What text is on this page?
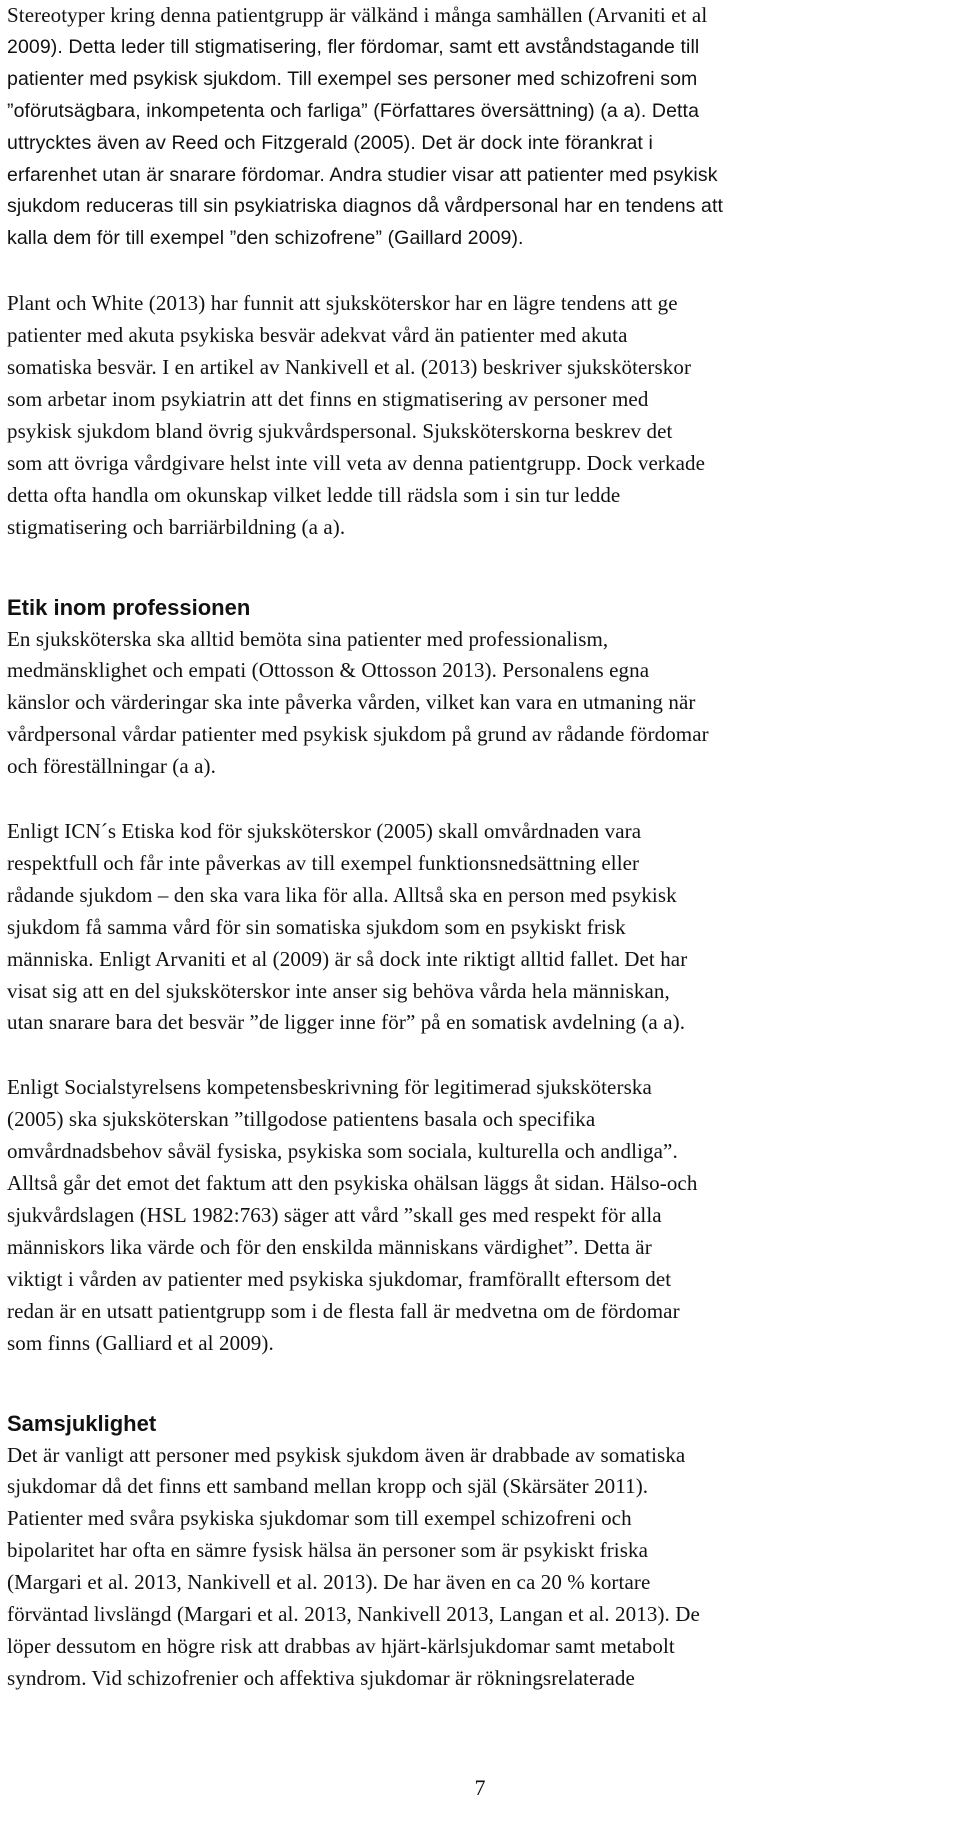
Stereotyper kring denna patientgrupp är välkänd i många samhällen (Arvaniti et al
2009). Detta leder till stigmatisering, fler fördomar, samt ett avståndstagande till
patienter med psykisk sjukdom. Till exempel ses personer med schizofreni som
”oförutsägbara, inkompetenta och farliga” (Författares översättning) (a a). Detta
uttrycktes även av Reed och Fitzgerald (2005). Det är dock inte förankrat i
erfarenhet utan är snarare fördomar. Andra studier visar att patienter med psykisk
sjukdom reduceras till sin psykiatriska diagnos då vårdpersonal har en tendens att
kalla dem för till exempel ”den schizofrene” (Gaillard 2009).

Plant och White (2013) har funnit att sjuksköterskor har en lägre tendens att ge
patienter med akuta psykiska besvär adekvat vård än patienter med akuta
somatiska besvär. I en artikel av Nankivell et al. (2013) beskriver sjuksköterskor
som arbetar inom psykiatrin att det finns en stigmatisering av personer med
psykisk sjukdom bland övrig sjukvårdspersonal. Sjuksköterskorna beskrev det
som att övriga vårdgivare helst inte vill veta av denna patientgrupp. Dock verkade
detta ofta handla om okunskap vilket ledde till rädsla som i sin tur ledde
stigmatisering och barriärbildning (a a).

Etik inom professionen

En sjuksköterska ska alltid bemöta sina patienter med professionalism,
medmänsklighet och empati (Ottosson & Ottosson 2013). Personalens egna
känslor och värderingar ska inte påverka vården, vilket kan vara en utmaning när
vårdpersonal vårdar patienter med psykisk sjukdom på grund av rådande fördomar
och föreställningar (a a).

Enligt ICN´s Etiska kod för sjuksköterskor (2005) skall omvårdnaden vara
respektfull och får inte påverkas av till exempel funktionsnedsättning eller
rådande sjukdom – den ska vara lika för alla. Alltså ska en person med psykisk
sjukdom få samma vård för sin somatiska sjukdom som en psykiskt frisk
människa. Enligt Arvaniti et al (2009) är så dock inte riktigt alltid fallet. Det har
visat sig att en del sjuksköterskor inte anser sig behöva vårda hela människan,
utan snarare bara det besvär ”de ligger inne för” på en somatisk avdelning (a a).

Enligt Socialstyrelsens kompetensbeskrivning för legitimerad sjuksköterska
(2005) ska sjuksköterskan ”tillgodose patientens basala och specifika
omvårdnadsbehov såväl fysiska, psykiska som sociala, kulturella och andliga”.
Alltså går det emot det faktum att den psykiska ohälsan läggs åt sidan. Hälso-och
sjukvårdslagen (HSL 1982:763) säger att vård ”skall ges med respekt för alla
människors lika värde och för den enskilda människans värdighet”. Detta är
viktigt i vården av patienter med psykiska sjukdomar, framförallt eftersom det
redan är en utsatt patientgrupp som i de flesta fall är medvetna om de fördomar
som finns (Galliard et al 2009).

Samsjuklighet

Det är vanligt att personer med psykisk sjukdom även är drabbade av somatiska
sjukdomar då det finns ett samband mellan kropp och själ (Skärsäter 2011).
Patienter med svåra psykiska sjukdomar som till exempel schizofreni och
bipolaritet har ofta en sämre fysisk hälsa än personer som är psykiskt friska
(Margari et al. 2013, Nankivell et al. 2013). De har även en ca 20 % kortare
förväntad livslängd (Margari et al. 2013, Nankivell 2013, Langan et al. 2013). De
löper dessutom en högre risk att drabbas av hjärt-kärlsjukdomar samt metabolt
syndrom. Vid schizofrenier och affektiva sjukdomar är rökningsrelaterade

7
